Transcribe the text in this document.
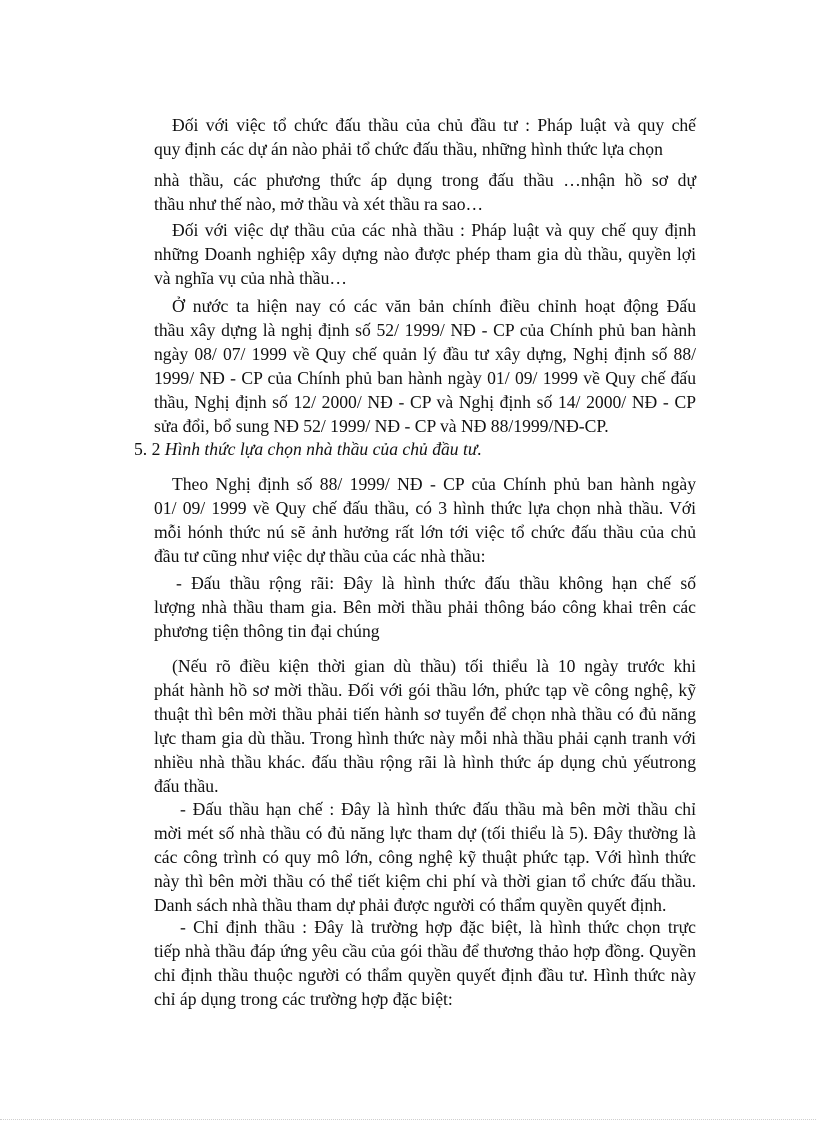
Đối với việc tổ chức đấu thầu của chủ đầu tư : Pháp luật và quy chế
quy định các dự án nào phải tổ chức đấu thầu, những hình thức lựa chọn
nhà thầu, các phương thức áp dụng trong đấu thầu …nhận hồ sơ dự
thầu như thế nào, mở thầu và xét thầu ra sao…
Đối với việc dự thầu của các nhà thầu : Pháp luật và quy chế quy định
những Doanh nghiệp xây dựng nào được phép tham gia dù thầu, quyền lợi
và nghĩa vụ của nhà thầu…
Ở nước ta hiện nay có các văn bản chính điều chỉnh hoạt động Đấu
thầu xây dựng là nghị định số 52/ 1999/ NĐ - CP của Chính phủ ban hành
ngày 08/ 07/ 1999 về Quy chế quản lý đầu tư xây dựng, Nghị định số 88/
1999/ NĐ - CP của Chính phủ ban hành ngày 01/ 09/ 1999 về Quy chế đấu
thầu, Nghị định số 12/ 2000/ NĐ - CP và Nghị định số 14/ 2000/ NĐ - CP
sửa đổi, bổ sung NĐ 52/ 1999/ NĐ - CP và NĐ 88/1999/NĐ-CP.
5. 2 Hình thức lựa chọn nhà thầu của chủ đầu tư.
Theo Nghị định số 88/ 1999/ NĐ - CP của Chính phủ ban hành ngày
01/ 09/ 1999 về Quy chế đấu thầu, có 3 hình thức lựa chọn nhà thầu. Với
mỗi hónh thức nú sẽ ảnh hưởng rất lớn tới việc tổ chức đấu thầu của chủ
đầu tư cũng như việc dự thầu của các nhà thầu:
- Đấu thầu rộng rãi: Đây là hình thức đấu thầu không hạn chế số
lượng nhà thầu tham gia. Bên mời thầu phải thông báo công khai trên các
phương tiện thông tin đại chúng
(Nếu rõ điều kiện thời gian dù thầu) tối thiểu là 10 ngày trước khi
phát hành hồ sơ mời thầu. Đối với gói thầu lớn, phức tạp về công nghệ, kỹ
thuật thì bên mời thầu phải tiến hành sơ tuyển để chọn nhà thầu có đủ năng
lực tham gia dù thầu. Trong hình thức này mỗi nhà thầu phải cạnh tranh với
nhiều nhà thầu khác. đấu thầu rộng rãi là hình thức áp dụng chủ yếutrong
đấu thầu.
- Đấu thầu hạn chế : Đây là hình thức đấu thầu mà bên mời thầu chỉ
mời mét số nhà thầu có đủ năng lực tham dự (tối thiểu là 5). Đây thường là
các công trình có quy mô lớn, công nghệ kỹ thuật phức tạp. Với hình thức
này thì bên mời thầu có thể tiết kiệm chi phí và thời gian tổ chức đấu thầu.
Danh sách nhà thầu tham dự phải được người có thẩm quyền quyết định.
- Chỉ định thầu : Đây là trường hợp đặc biệt, là hình thức chọn trực
tiếp nhà thầu đáp ứng yêu cầu của gói thầu để thương thảo hợp đồng. Quyền
chỉ định thầu thuộc người có thẩm quyền quyết định đầu tư. Hình thức này
chỉ áp dụng trong các trường hợp đặc biệt:
